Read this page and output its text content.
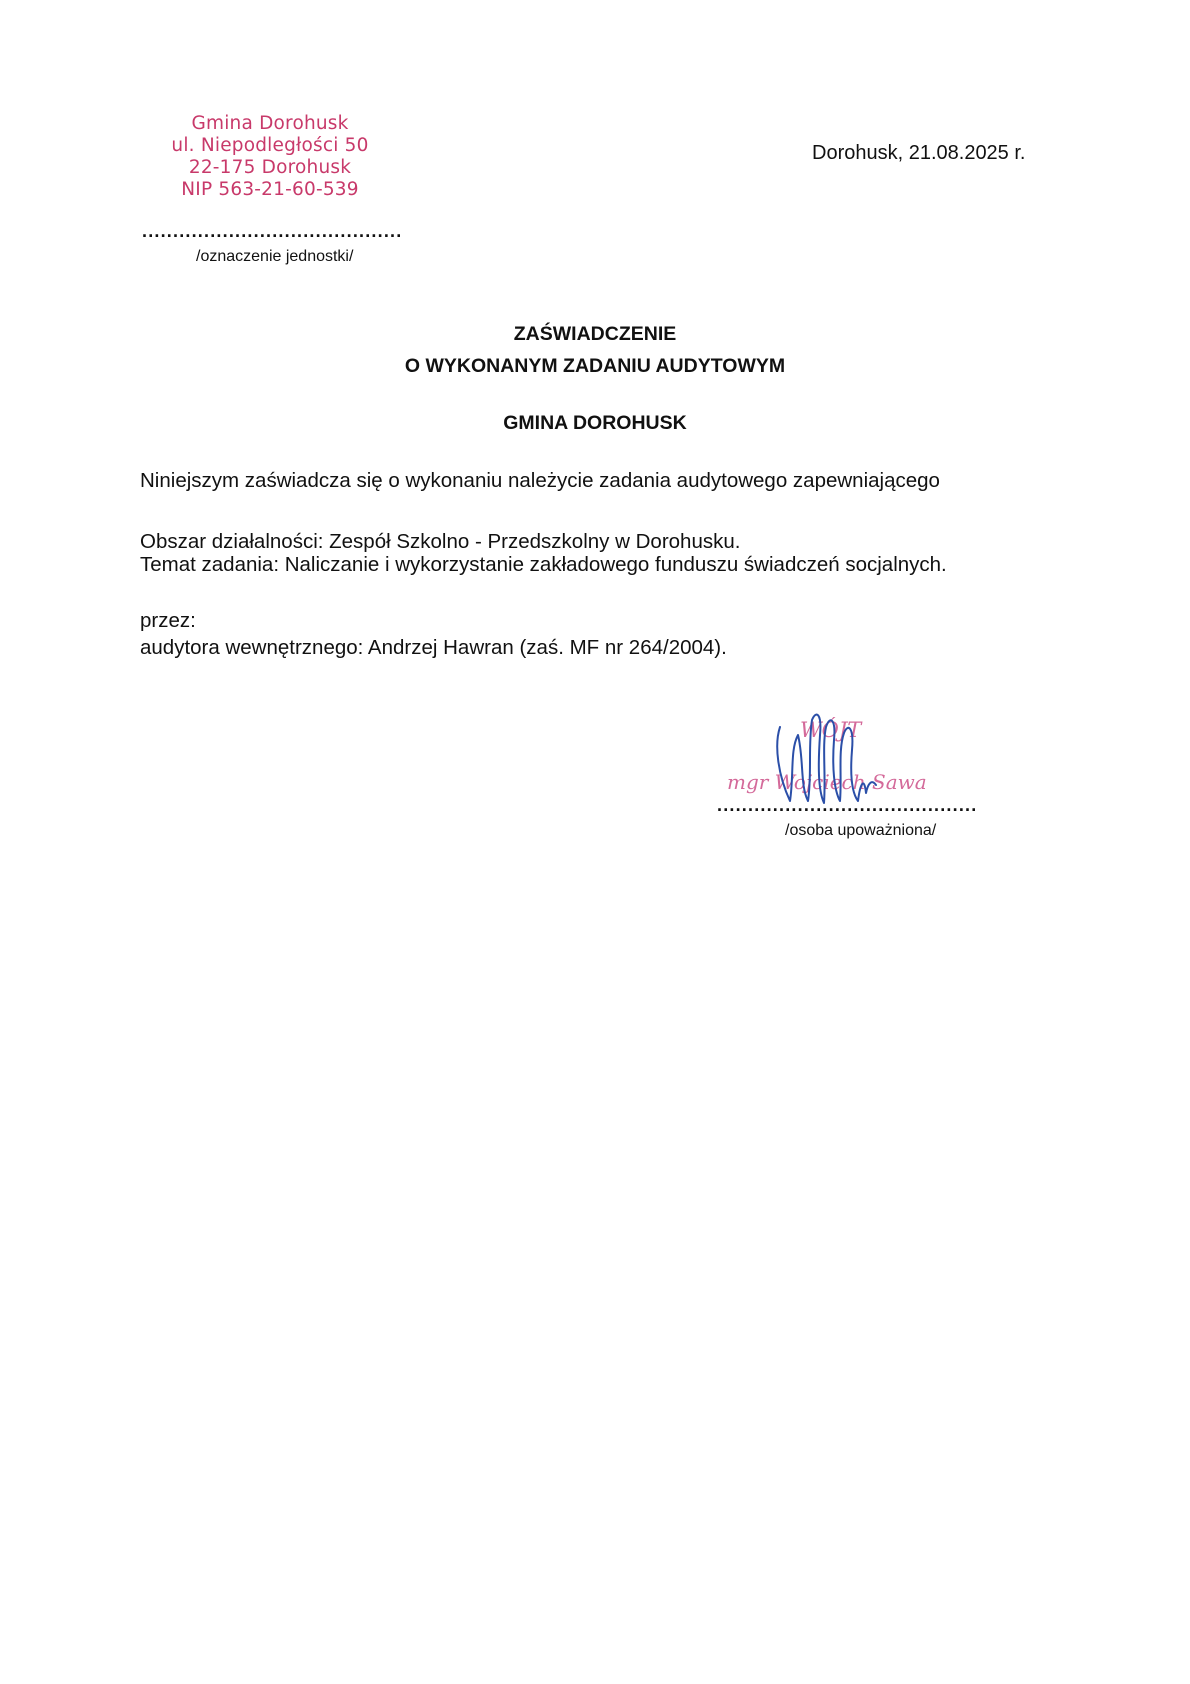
Gmina Dorohusk
ul. Niepodległości 50
22-175 Dorohusk
NIP 563-21-60-539
..........................................
/oznaczenie jednostki/
Dorohusk, 21.08.2025 r.
ZAŚWIADCZENIE
O WYKONANYM ZADANIU AUDYTOWYM
GMINA DOROHUSK
Niniejszym zaświadcza się o wykonaniu należycie zadania audytowego zapewniającego
Obszar działalności: Zespół Szkolno - Przedszkolny w Dorohusku.
Temat zadania: Naliczanie i wykorzystanie zakładowego funduszu świadczeń socjalnych.
przez:
audytora wewnętrznego: Andrzej Hawran (zaś. MF nr 264/2004).
WÓJT
mgr Wojciech Sawa
..........................................
/osoba upoważniona/
